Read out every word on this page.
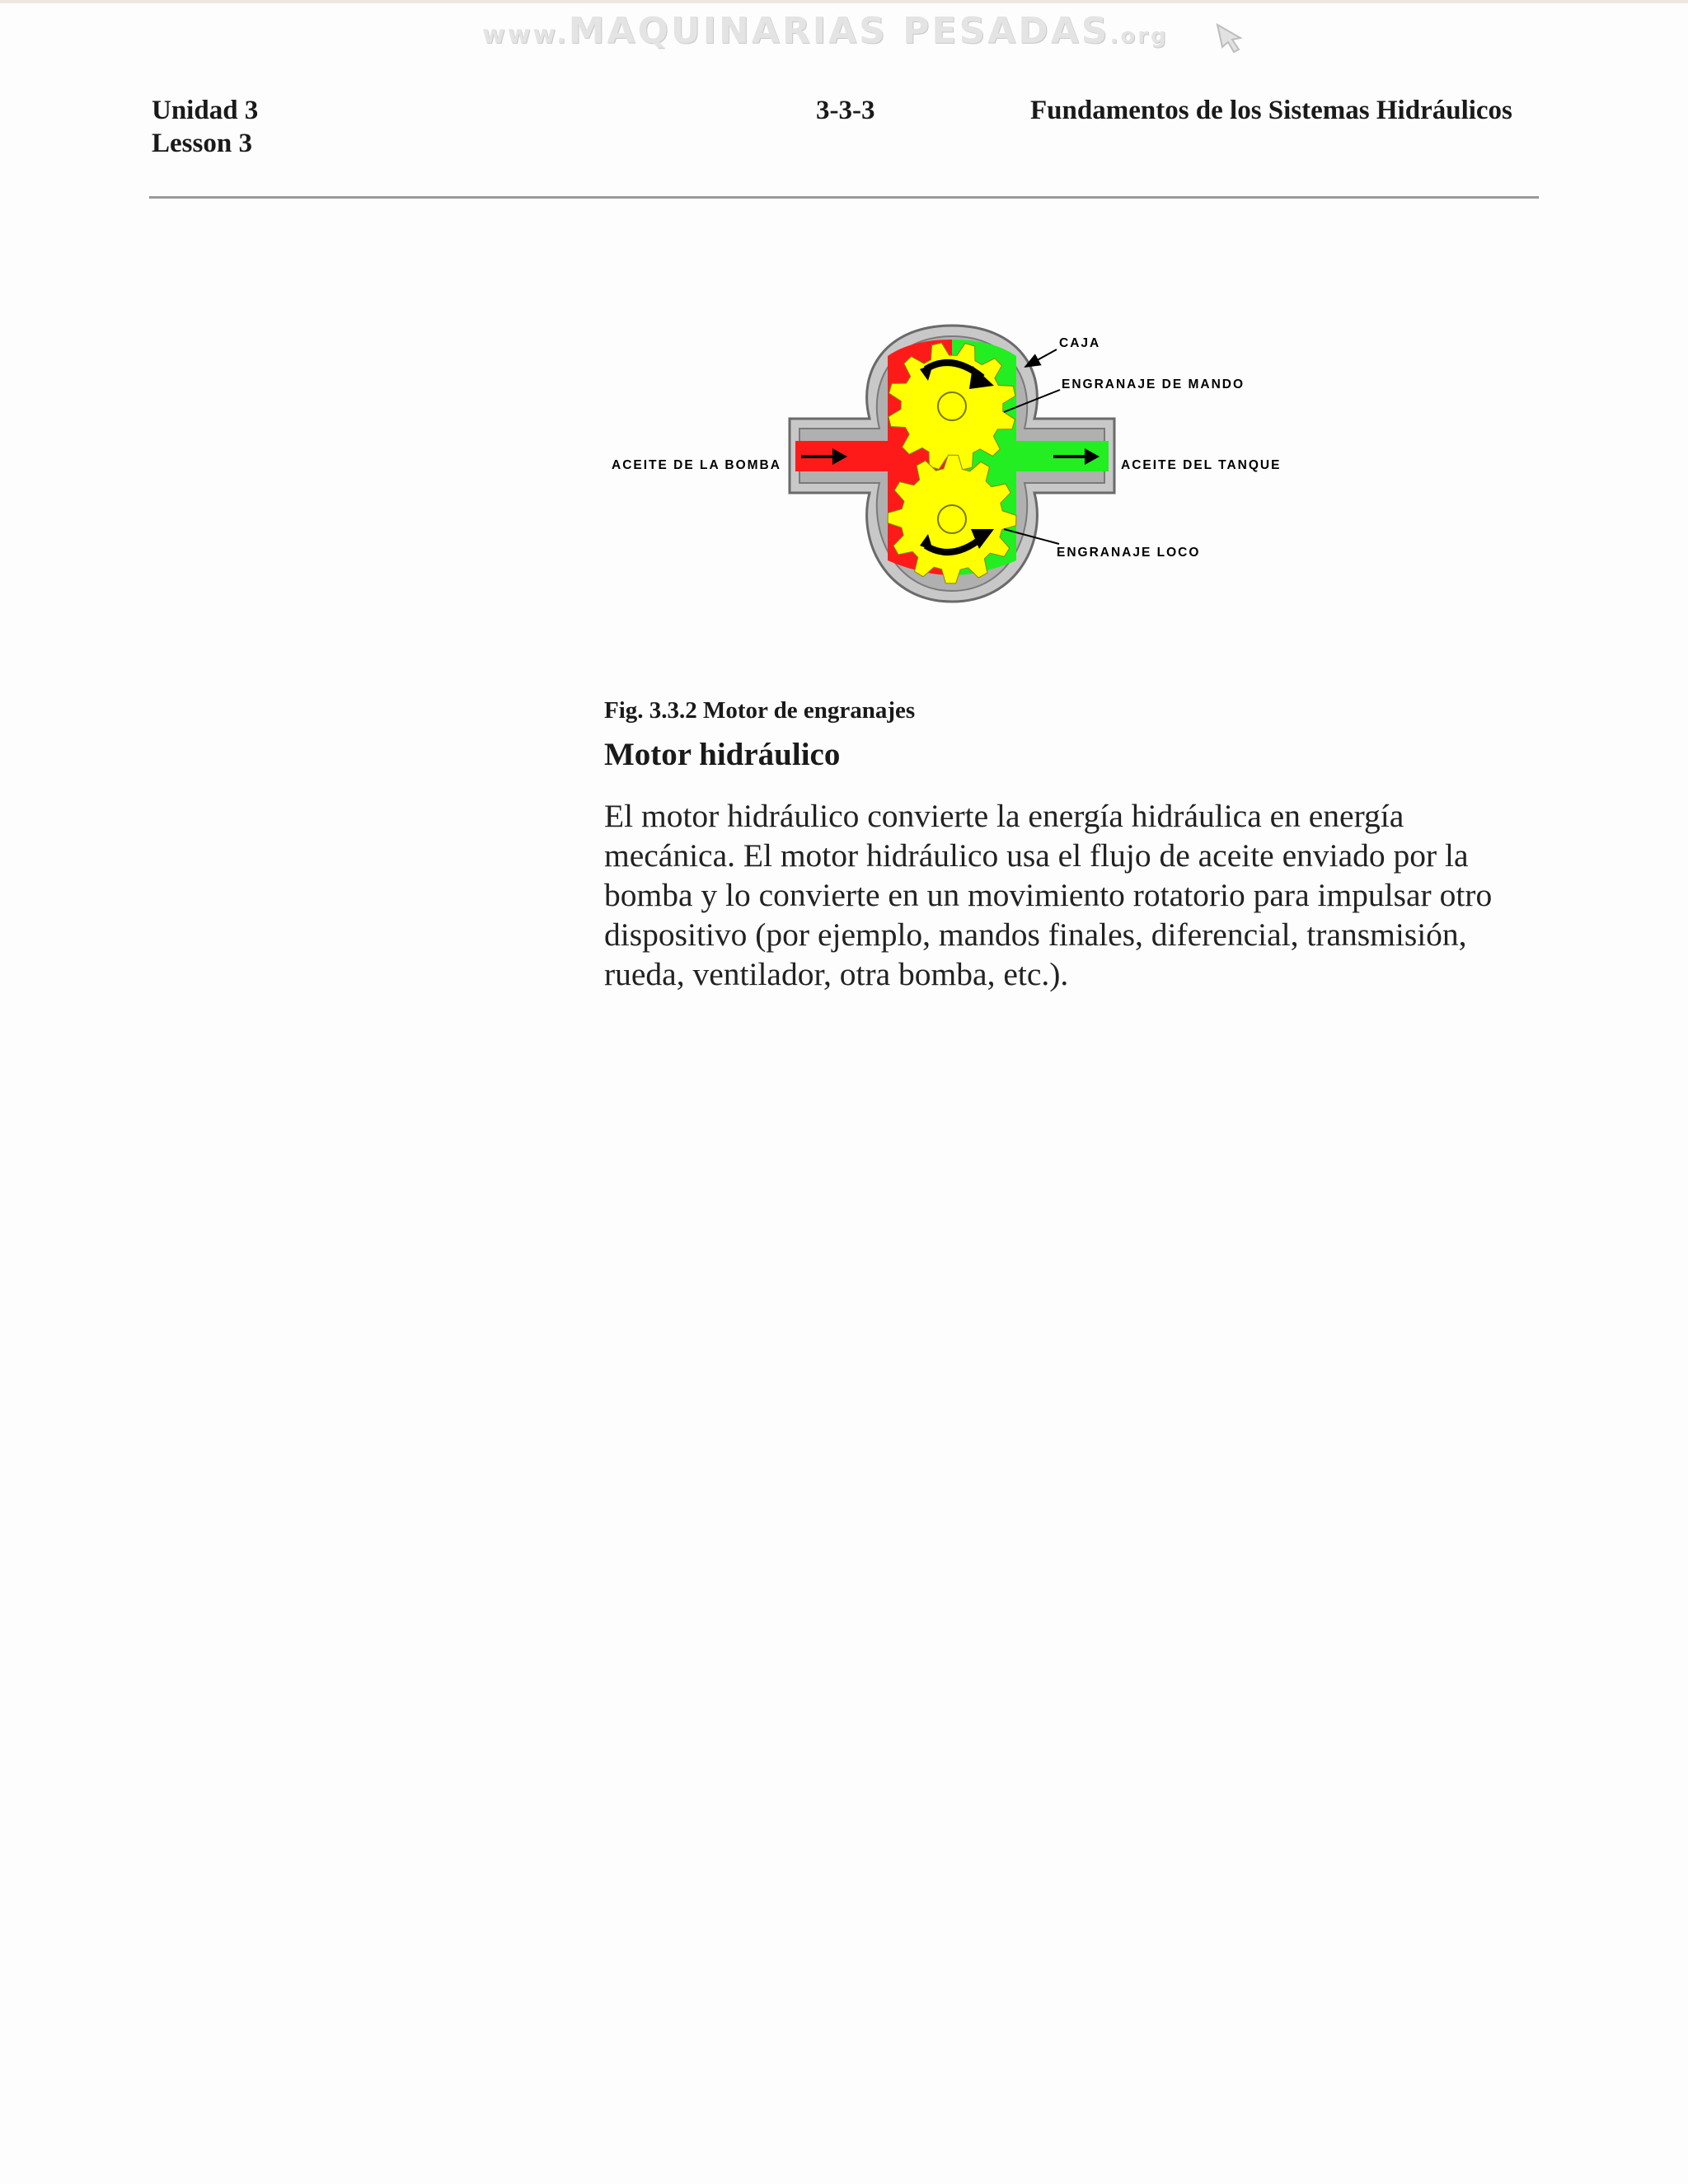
www.MAQUINARIAS PESADAS.org
Unidad 3
Lesson 3
3-3-3	Fundamentos de los Sistemas Hidráulicos
CAJA
ENGRANAJE DE MANDO
ACEITE DE LA BOMBA	ACEITE DEL TANQUE
ENGRANAJE LOCO
Fig. 3.3.2 Motor de engranajes
Motor hidráulico
El motor hidráulico convierte la energía hidráulica en energía
mecánica. El motor hidráulico usa el flujo de aceite enviado por la
bomba y lo convierte en un movimiento rotatorio para impulsar otro
dispositivo (por ejemplo, mandos finales, diferencial, transmisión,
rueda, ventilador, otra bomba, etc.).
